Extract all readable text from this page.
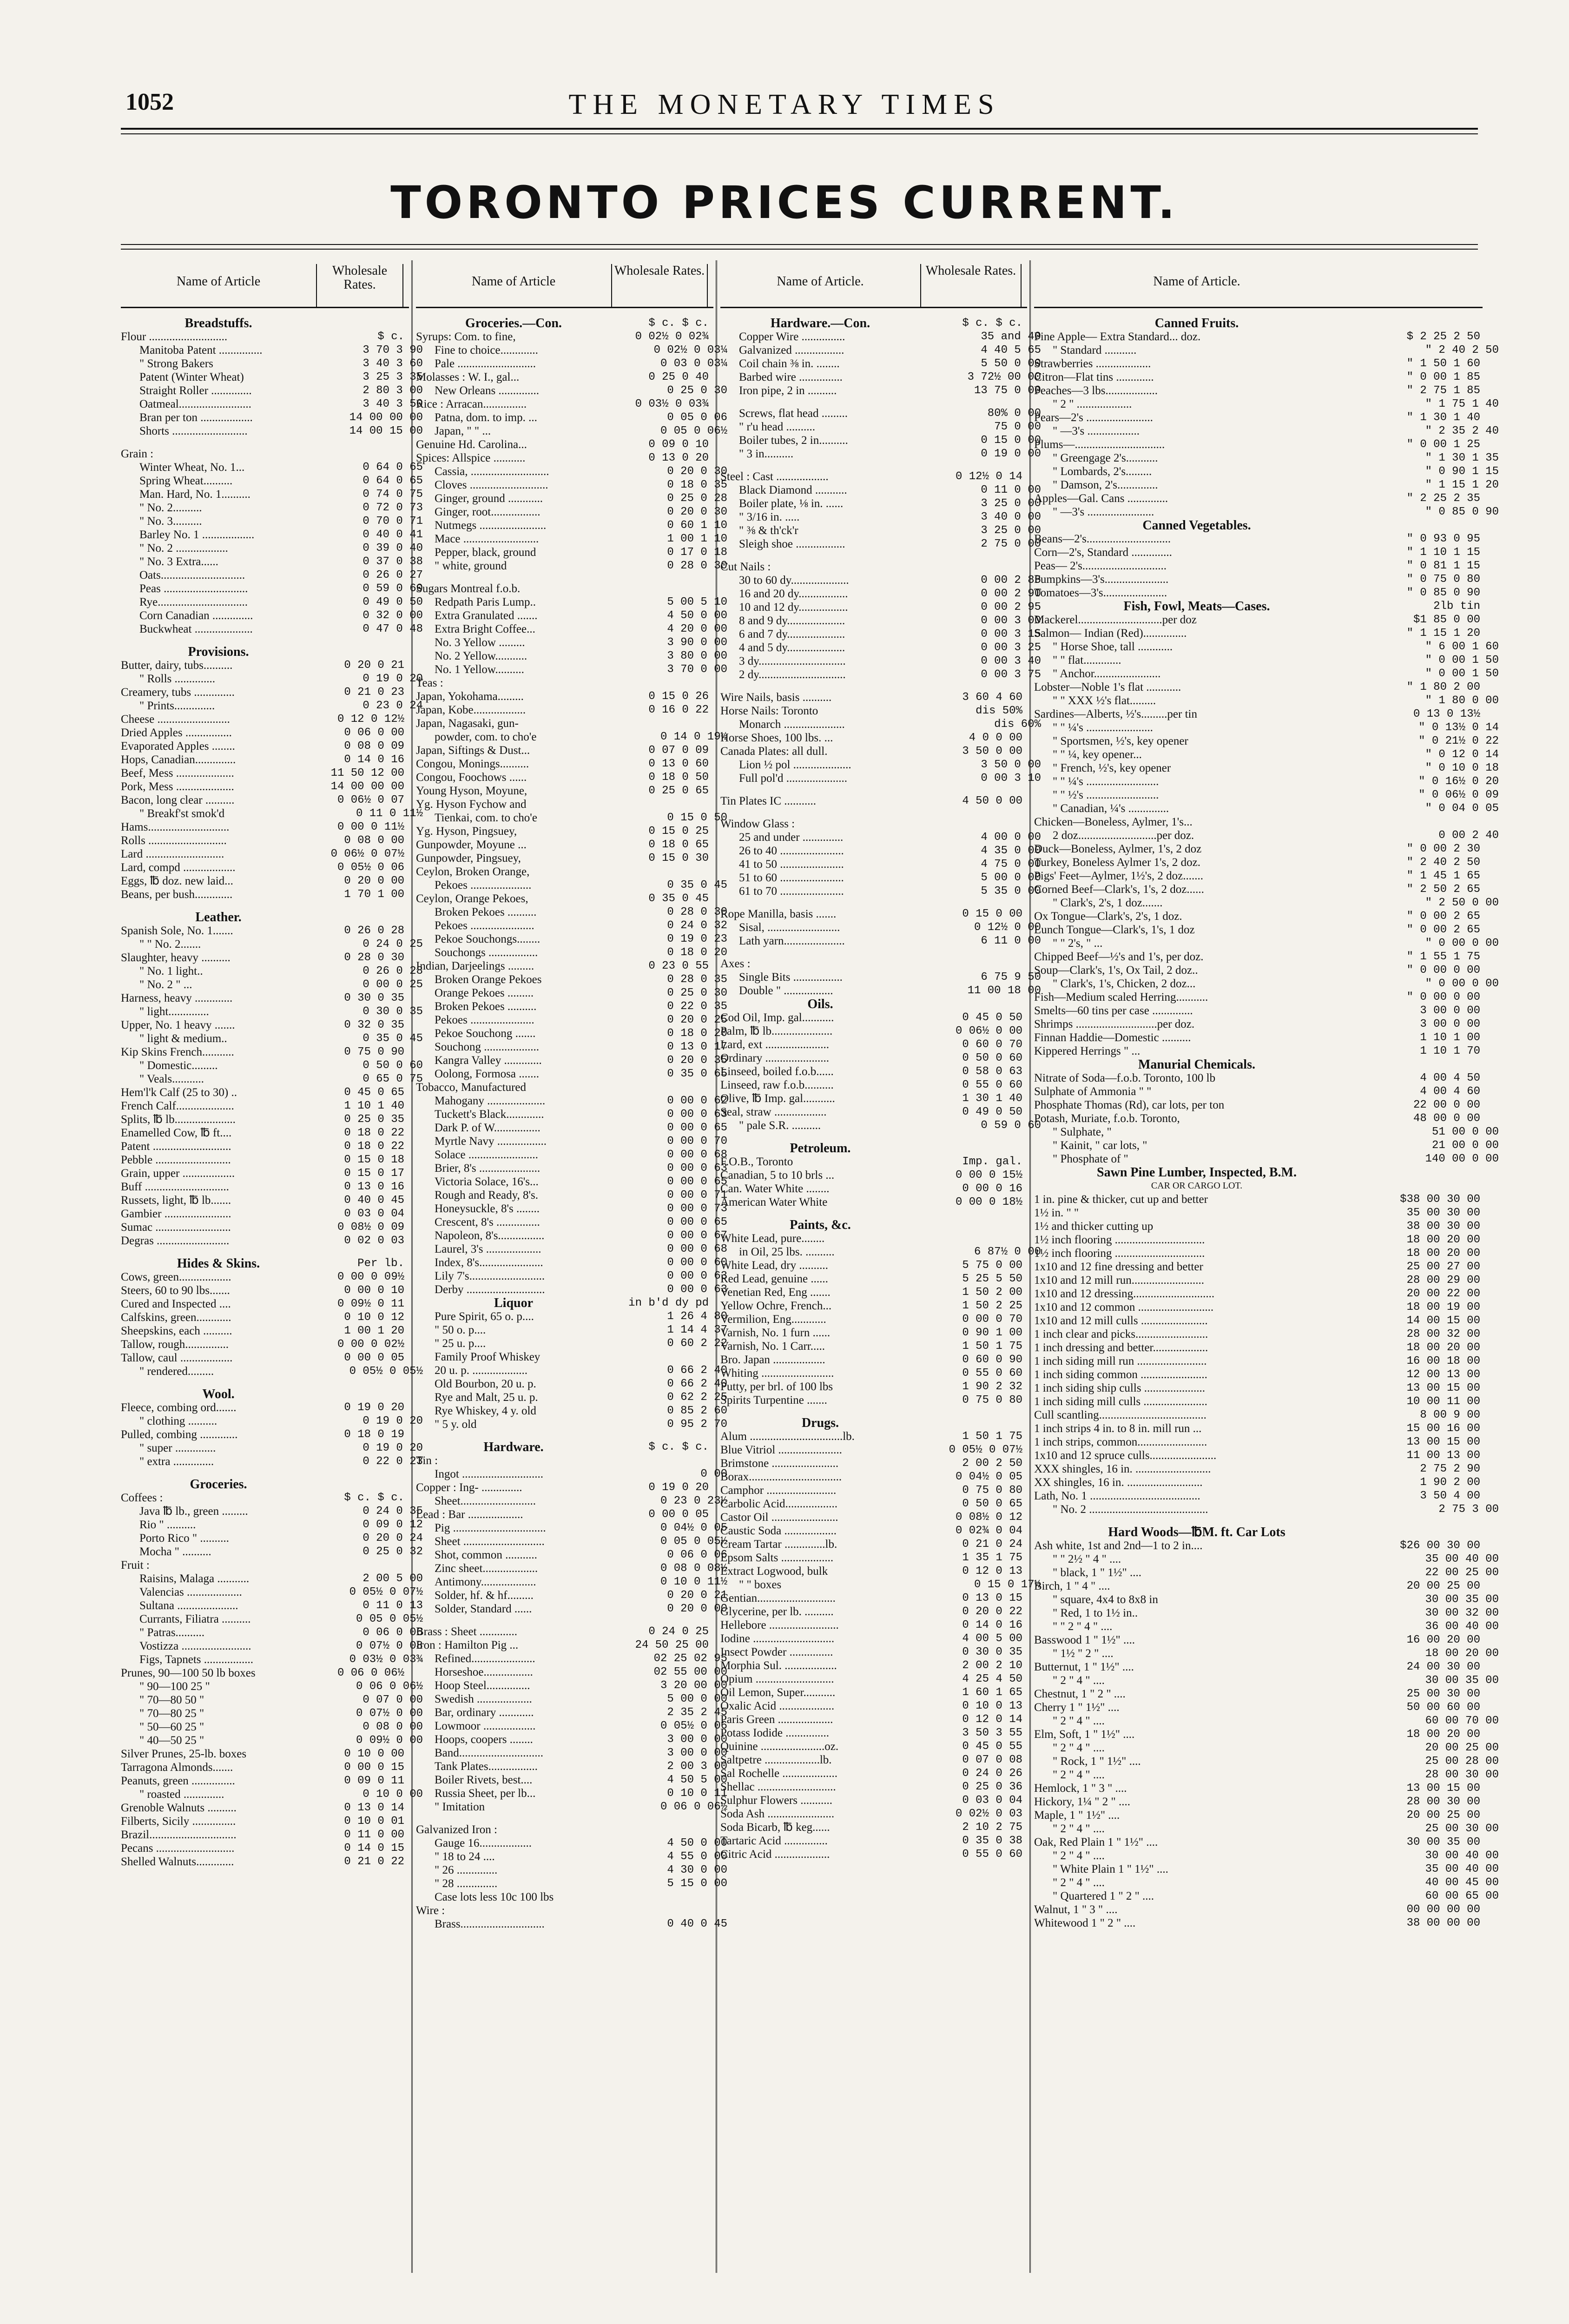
1052	THE MONETARY TIMES
TORONTO PRICES CURRENT.
Name of Article
Wholesale Rates.
Breadstuffs.
Flour ...........................	$ c.
Manitoba Patent ...............	3 70 3 90
" Strong Bakers	3 40 3 60
Patent (Winter Wheat)	3 25 3 35
Straight Roller ..............	2 80 3 00
Oatmeal.........................	3 40 3 50
Bran per ton ..................	14 00 00 00
Shorts ..........................	14 00 15 00
Grain :
Winter Wheat, No. 1...	0 64 0 65
Spring Wheat..........	0 64 0 65
Man. Hard, No. 1..........	0 74 0 75
" No. 2..........	0 72 0 73
" No. 3..........	0 70 0 71
Barley No. 1 ..................	0 40 0 41
" No. 2 ..................	0 39 0 40
" No. 3 Extra......	0 37 0 38
Oats.............................	0 26 0 27
Peas .............................	0 59 0 60
Rye...............................	0 49 0 50
Corn Canadian ..............	0 32 0 00
Buckwheat ....................	0 47 0 48
Provisions.
Butter, dairy, tubs..........	0 20 0 21
" Rolls ..............	0 19 0 20
Creamery, tubs ..............	0 21 0 23
" Prints..............	0 23 0 24
Cheese .........................	0 12 0 12½
Dried Apples ................	0 06 0 00
Evaporated Apples ........	0 08 0 09
Hops, Canadian..............	0 14 0 16
Beef, Mess ....................	11 50 12 00
Pork, Mess ....................	14 00 00 00
Bacon, long clear ..........	0 06½ 0 07
" Breakf'st smok'd	0 11 0 11½
Hams............................	0 00 0 11½
Rolls ...........................	0 08 0 00
Lard ...........................	0 06½ 0 07½
Lard, compd ..................	0 05½ 0 06
Eggs, ℔ doz. new laid...	0 20 0 00
Beans, per bush.............	1 70 1 00
Leather.
Spanish Sole, No. 1.......	0 26 0 28
" " No. 2.......	0 24 0 25
Slaughter, heavy ..........	0 28 0 30
" No. 1 light..	0 26 0 28
" No. 2 " ...	0 00 0 25
Harness, heavy .............	0 30 0 35
" light..............	0 30 0 35
Upper, No. 1 heavy .......	0 32 0 35
" light & medium..	0 35 0 45
Kip Skins French...........	0 75 0 90
" Domestic.........	0 50 0 60
" Veals...........	0 65 0 75
Hem'l'k Calf (25 to 30) ..	0 45 0 65
French Calf....................	1 10 1 40
Splits, ℔ lb.....................	0 25 0 35
Enamelled Cow, ℔ ft....	0 18 0 22
Patent ...........................	0 18 0 22
Pebble ..........................	0 15 0 18
Grain, upper ..................	0 15 0 17
Buff .............................	0 13 0 16
Russets, light, ℔ lb.......	0 40 0 45
Gambier .......................	0 03 0 04
Sumac ..........................	0 08½ 0 09
Degras .........................	0 02 0 03
Hides & Skins.	Per lb.
Cows, green..................	0 00 0 09½
Steers, 60 to 90 lbs.......	0 00 0 10
Cured and Inspected ....	0 09½ 0 11
Calfskins, green............	0 10 0 12
Sheepskins, each ..........	1 00 1 20
Tallow, rough...............	0 00 0 02½
Tallow, caul ..................	0 00 0 05
" rendered.........	0 05½ 0 05½
Wool.
Fleece, combing ord.......	0 19 0 20
" clothing ..........	0 19 0 20
Pulled, combing .............	0 18 0 19
" super ..............	0 19 0 20
" extra ..............	0 22 0 23
Groceries.
Coffees :	$ c. $ c.
Java ℔ lb., green .........	0 24 0 35
Rio " ..........	0 09 0 12
Porto Rico " ..........	0 20 0 24
Mocha " ..........	0 25 0 32
Fruit :
Raisins, Malaga ...........	2 00 5 00
Valencias ...................	0 05½ 0 07½
Sultana .....................	0 11 0 13
Currants, Filiatra ..........	0 05 0 05½
" Patras..........	0 06 0 06
Vostizza ........................	0 07½ 0 08
Figs, Tapnets .................	0 03½ 0 03¾
Prunes, 90—100 50 lb boxes	0 06 0 06½
" 90—100 25 "	0 06 0 06½
" 70—80 50 "	0 07 0 00
" 70—80 25 "	0 07½ 0 00
" 50—60 25 "	0 08 0 00
" 40—50 25 "	0 09½ 0 00
Silver Prunes, 25-lb. boxes	0 10 0 00
Tarragona Almonds.......	0 00 0 15
Peanuts, green ...............	0 09 0 11
" roasted ..............	0 10 0 00
Grenoble Walnuts ..........	0 13 0 14
Filberts, Sicily ...............	0 10 0 01
Brazil..............................	0 11 0 00
Pecans ...........................	0 14 0 15
Shelled Walnuts.............	0 21 0 22
Name of Article
Wholesale Rates.
Groceries.—Con.	$ c. $ c.
Syrups: Com. to fine,	0 02½ 0 02¾
Fine to choice.............	0 02½ 0 03¼
Pale ...........................	0 03 0 03¼
Molasses : W. I., gal...	0 25 0 40
New Orleans ..............	0 25 0 30
Rice : Arracan...............	0 03½ 0 03¾
Patna, dom. to imp. ...	0 05 0 06
Japan, " " ...	0 05 0 06½
Genuine Hd. Carolina...	0 09 0 10
Spices: Allspice ...........	0 13 0 20
Cassia, ...........................	0 20 0 30
Cloves ...........................	0 18 0 35
Ginger, ground ............	0 25 0 28
Ginger, root.................	0 20 0 30
Nutmegs .......................	0 60 1 10
Mace ..........................	1 00 1 10
Pepper, black, ground	0 17 0 18
" white, ground	0 28 0 30
Sugars Montreal f.o.b.
Redpath Paris Lump..	5 00 5 10
Extra Granulated .......	4 50 0 00
Extra Bright Coffee...	4 20 0 00
No. 3 Yellow .........	3 90 0 00
No. 2 Yellow...........	3 80 0 00
No. 1 Yellow..........	3 70 0 00
Teas :
Japan, Yokohama.........	0 15 0 26
Japan, Kobe..................	0 16 0 22
Japan, Nagasaki, gun-
powder, com. to cho'e	0 14 0 19½
Japan, Siftings & Dust...	0 07 0 09
Congou, Monings..........	0 13 0 60
Congou, Foochows ......	0 18 0 50
Young Hyson, Moyune,	0 25 0 65
Yg. Hyson Fychow and
Tienkai, com. to cho'e	0 15 0 50
Yg. Hyson, Pingsuey,	0 15 0 25
Gunpowder, Moyune ...	0 18 0 65
Gunpowder, Pingsuey,	0 15 0 30
Ceylon, Broken Orange,
Pekoes .....................	0 35 0 45
Ceylon, Orange Pekoes,	0 35 0 45
Broken Pekoes ..........	0 28 0 30
Pekoes ......................	0 24 0 32
Pekoe Souchongs........	0 19 0 23
Souchongs .................	0 18 0 20
Indian, Darjeelings .........	0 23 0 55
Broken Orange Pekoes	0 28 0 35
Orange Pekoes .........	0 25 0 30
Broken Pekoes ..........	0 22 0 35
Pekoes ......................	0 20 0 25
Pekoe Souchong .......	0 18 0 20
Souchong ...................	0 13 0 17
Kangra Valley .............	0 20 0 35
Oolong, Formosa .......	0 35 0 65
Tobacco, Manufactured
Mahogany ....................	0 00 0 62
Tuckett's Black.............	0 00 0 63
Dark P. of W................	0 00 0 65
Myrtle Navy .................	0 00 0 70
Solace ........................	0 00 0 68
Brier, 8's .....................	0 00 0 63
Victoria Solace, 16's...	0 00 0 65
Rough and Ready, 8's.	0 00 0 71
Honeysuckle, 8's ........	0 00 0 73
Crescent, 8's ...............	0 00 0 65
Napoleon, 8's................	0 00 0 67
Laurel, 3's ...................	0 00 0 68
Index, 8's......................	0 00 0 60
Lily 7's..........................	0 00 0 63
Derby ...........................	0 00 0 63
Liquor	in b'd dy pd
Pure Spirit, 65 o. p....	1 26 4 80
" 50 o. p....	1 14 4 37
" 25 u. p....	0 60 2 22
Family Proof Whiskey
20 u. p. ...................	0 66 2 40
Old Bourbon, 20 u. p.	0 66 2 40
Rye and Malt, 25 u. p.	0 62 2 25
Rye Whiskey, 4 y. old	0 85 2 60
" 5 y. old	0 95 2 70
Hardware.	$ c. $ c.
Tin :
Ingot ............................	0 00
Copper : Ing- ..............	0 19 0 20
Sheet..........................	0 23 0 23½
Lead : Bar ...................	0 00 0 05
Pig ................................	0 04½ 0 05
Sheet ............................	0 05 0 05½
Shot, common ...........	0 06 0 06
Zinc sheet...................	0 08 0 08½
Antimony...................	0 10 0 11½
Solder, hf. & hf.........	0 20 0 21
Solder, Standard ......	0 20 0 00
Brass : Sheet .............	0 24 0 25
Iron : Hamilton Pig ...	24 50 25 00
Refined......................	02 25 02 95
Horseshoe.................	02 55 00 00
Hoop Steel...............	3 20 00 00
Swedish ...................	5 00 0 00
Bar, ordinary ............	2 35 2 45
Lowmoor ..................	0 05½ 0 06
Hoops, coopers ........	3 00 0 00
Band.............................	3 00 0 00
Tank Plates.................	2 00 3 00
Boiler Rivets, best....	4 50 5 00
Russia Sheet, per lb...	0 10 0 11
" Imitation	0 06 0 06½
Galvanized Iron :
Gauge 16..................	4 50 0 00
" 18 to 24 ....	4 55 0 00
" 26 ..............	4 30 0 00
" 28 ..............	5 15 0 00
Case lots less 10c 100 lbs
Wire :
Brass.............................	0 40 0 45
Name of Article.
Wholesale Rates.
Hardware.—Con.	$ c. $ c.
Copper Wire ...............	35 and 40
Galvanized .................	4 40 5 65
Coil chain ⅜ in. ........	5 50 0 00
Barbed wire ...............	3 72½ 00 00
Iron pipe, 2 in ..........	13 75 0 00
Screws, flat head .........	80% 0 00
" r'u head ..........	75 0 00
Boiler tubes, 2 in..........	0 15 0 00
" 3 in..........	0 19 0 00
Steel : Cast ..................	0 12½ 0 14
Black Diamond ...........	0 11 0 00
Boiler plate, ⅛ in. ......	3 25 0 00
" 3/16 in. .....	3 40 0 00
" ⅜ & th'ck'r	3 25 0 00
Sleigh shoe .................	2 75 0 00
Cut Nails :
30 to 60 dy....................	0 00 2 85
16 and 20 dy.................	0 00 2 90
10 and 12 dy.................	0 00 2 95
8 and 9 dy....................	0 00 3 00
6 and 7 dy....................	0 00 3 15
4 and 5 dy....................	0 00 3 25
3 dy..............................	0 00 3 40
2 dy..............................	0 00 3 75
Wire Nails, basis ..........	3 60 4 60
Horse Nails: Toronto	dis 50%
Monarch .....................	dis 60%
Horse Shoes, 100 lbs. ...	4 0 0 00
Canada Plates: all dull.	3 50 0 00
Lion ½ pol ....................	3 50 0 00
Full pol'd .....................	0 00 3 10
Tin Plates IC ...........	4 50 0 00
Window Glass :
25 and under ..............	4 00 0 00
26 to 40 ......................	4 35 0 00
41 to 50 ......................	4 75 0 00
51 to 60 ......................	5 00 0 00
61 to 70 ......................	5 35 0 00
Rope Manilla, basis .......	0 15 0 00
Sisal, .........................	0 12½ 0 00
Lath yarn.....................	6 11 0 00
Axes :
Single Bits .................	6 75 9 50
Double " .................	11 00 18 00
Oils.
Cod Oil, Imp. gal...........	0 45 0 50
Palm, ℔ lb.....................	0 06½ 0 00
Lard, ext ......................	0 60 0 70
Ordinary ......................	0 50 0 60
Linseed, boiled f.o.b......	0 58 0 63
Linseed, raw f.o.b..........	0 55 0 60
Olive, ℔ Imp. gal...........	1 30 1 40
Seal, straw ..................	0 49 0 50
" pale S.R. ..........	0 59 0 60
Petroleum.
F.O.B., Toronto	Imp. gal.
Canadian, 5 to 10 brls ...	0 00 0 15½
Can. Water White ........	0 00 0 16
American Water White	0 00 0 18½
Paints, &c.
White Lead, pure........
in Oil, 25 lbs. ..........	6 87½ 0 00
White Lead, dry ..........	5 75 0 00
Red Lead, genuine ......	5 25 5 50
Venetian Red, Eng .......	1 50 2 00
Yellow Ochre, French...	1 50 2 25
Vermilion, Eng............	0 00 0 70
Varnish, No. 1 furn ......	0 90 1 00
Varnish, No. 1 Carr.....	1 50 1 75
Bro. Japan ..................	0 60 0 90
Whiting .........................	0 55 0 60
Putty, per brl. of 100 lbs	1 90 2 32
Spirits Turpentine .......	0 75 0 80
Drugs.
Alum ................................lb.	1 50 1 75
Blue Vitriol ......................	0 05½ 0 07½
Brimstone .......................	2 00 2 50
Borax................................	0 04½ 0 05
Camphor ........................	0 75 0 80
Carbolic Acid..................	0 50 0 65
Castor Oil .......................	0 08½ 0 12
Caustic Soda ..................	0 02¾ 0 04
Cream Tartar ..............lb.	0 21 0 24
Epsom Salts ..................	1 35 1 75
Extract Logwood, bulk	0 12 0 13
" " boxes	0 15 0 17½
Gentian...........................	0 13 0 15
Glycerine, per lb. ..........	0 20 0 22
Hellebore ........................	0 14 0 16
Iodine ............................	4 00 5 00
Insect Powder ...............	0 30 0 35
Morphia Sul. ..................	2 00 2 10
Opium ...........................	4 25 4 50
Oil Lemon, Super...........	1 60 1 65
Oxalic Acid ...................	0 10 0 13
Paris Green ...................	0 12 0 14
Potass Iodide ...............	3 50 3 55
Quinine ......................oz.	0 45 0 55
Saltpetre ...................lb.	0 07 0 08
Sal Rochelle ...................	0 24 0 26
Shellac ...........................	0 25 0 36
Sulphur Flowers ...........	0 03 0 04
Soda Ash .......................	0 02½ 0 03
Soda Bicarb, ℔ keg......	2 10 2 75
Tartaric Acid ...............	0 35 0 38
Citric Acid ...................	0 55 0 60
Name of Article.
Canned Fruits.
Pine Apple— Extra Standard... doz.	$ 2 25 2 50
" Standard ...........	" 2 40 2 50
Strawberries ...................	" 1 50 1 60
Citron—Flat tins .............	" 0 00 1 85
Peaches—3 lbs..................	" 2 75 1 85
" 2 " ...................	" 1 75 1 40
Pears—2's .......................	" 1 30 1 40
" —3's ..................	" 2 35 2 40
Plums—...............................	" 0 00 1 25
" Greengage 2's...........	" 1 30 1 35
" Lombards, 2's.........	" 0 90 1 15
" Damson, 2's..............	" 1 15 1 20
Apples—Gal. Cans ..............	" 2 25 2 35
" —3's .......................	" 0 85 0 90
Canned Vegetables.
Beans—2's.............................	" 0 93 0 95
Corn—2's, Standard ..............	" 1 10 1 15
Peas— 2's.............................	" 0 81 1 15
Pumpkins—3's......................	" 0 75 0 80
Tomatoes—3's......................	" 0 85 0 90
Fish, Fowl, Meats—Cases.	2lb tin
Mackerel.............................per doz	$1 85 0 00
Salmon— Indian (Red)...............	" 1 15 1 20
" Horse Shoe, tall ............	" 6 00 1 60
" " flat.............	" 0 00 1 50
" Anchor.......................	" 0 00 1 50
Lobster—Noble 1's flat ............	" 1 80 2 00
" " XXX ½'s flat.........	" 1 80 0 00
Sardines—Alberts, ½'s.........per tin	0 13 0 13½
" " ¼'s .......................	" 0 13½ 0 14
" Sportsmen, ½'s, key opener	" 0 21½ 0 22
" " ¼, key opener...	" 0 12 0 14
" French, ½'s, key opener	" 0 10 0 18
" " ¼'s .........................	" 0 16½ 0 20
" " ½'s .........................	" 0 06½ 0 09
" Canadian, ¼'s ..............	" 0 04 0 05
Chicken—Boneless, Aylmer, 1's...
2 doz...........................per doz.	0 00 2 40
Duck—Boneless, Aylmer, 1's, 2 doz	" 0 00 2 30
Turkey, Boneless Aylmer 1's, 2 doz.	" 2 40 2 50
Pigs' Feet—Aylmer, 1½'s, 2 doz.......	" 1 45 1 65
Corned Beef—Clark's, 1's, 2 doz......	" 2 50 2 65
" Clark's, 2's, 1 doz.......	" 2 50 0 00
Ox Tongue—Clark's, 2's, 1 doz.	" 0 00 2 65
Lunch Tongue—Clark's, 1's, 1 doz	" 0 00 2 65
" " 2's, " ...	" 0 00 0 00
Chipped Beef—½'s and 1's, per doz.	" 1 55 1 75
Soup—Clark's, 1's, Ox Tail, 2 doz..	" 0 00 0 00
" Clark's, 1's, Chicken, 2 doz...	" 0 00 0 00
Fish—Medium scaled Herring...........	" 0 00 0 00
Smelts—60 tins per case ..............	3 00 0 00
Shrimps ............................per doz.	3 00 0 00
Finnan Haddie—Domestic ..........	1 10 1 00
Kippered Herrings " ...	1 10 1 70
Manurial Chemicals.
Nitrate of Soda—f.o.b. Toronto, 100 lb	4 00 4 50
Sulphate of Ammonia " "	4 00 4 60
Phosphate Thomas (Rd), car lots, per ton	22 00 0 00
Potash, Muriate, f.o.b. Toronto,	48 00 0 00
" Sulphate, "	51 00 0 00
" Kainit, " car lots, "	21 00 0 00
" Phosphate of "	140 00 0 00
Sawn Pine Lumber, Inspected, B.M.
CAR OR CARGO LOT.
1 in. pine & thicker, cut up and better	$38 00 30 00
1½ in. " "	35 00 30 00
1½ and thicker cutting up	38 00 30 00
1½ inch flooring ...............................	18 00 20 00
1½ inch flooring ...............................	18 00 20 00
1x10 and 12 fine dressing and better	25 00 27 00
1x10 and 12 mill run.........................	28 00 29 00
1x10 and 12 dressing............................	20 00 22 00
1x10 and 12 common ..........................	18 00 19 00
1x10 and 12 mill culls .......................	14 00 15 00
1 inch clear and picks.........................	28 00 32 00
1 inch dressing and better...................	18 00 20 00
1 inch siding mill run ........................	16 00 18 00
1 inch siding common .......................	12 00 13 00
1 inch siding ship culls .....................	13 00 15 00
1 inch siding mill culls ......................	10 00 11 00
Cull scantling.....................................	8 00 9 00
1 inch strips 4 in. to 8 in. mill run ...	15 00 16 00
1 inch strips, common........................	13 00 15 00
1x10 and 12 spruce culls.......................	11 00 13 00
XXX shingles, 16 in. ..........................	2 75 2 90
XX shingles, 16 in. ..........................	1 90 2 00
Lath, No. 1 ......................................	3 50 4 00
" No. 2 .........................................	2 75 3 00
Hard Woods—℔M. ft. Car Lots
Ash white, 1st and 2nd—1 to 2 in....	$26 00 30 00
" " 2½ " 4 " ....	35 00 40 00
" black, 1 " 1½" ....	22 00 25 00
Birch, 1 " 4 " ....	20 00 25 00
" square, 4x4 to 8x8 in	30 00 35 00
" Red, 1 to 1½ in..	30 00 32 00
" " 2 " 4 " ....	36 00 40 00
Basswood 1 " 1½" ....	16 00 20 00
" 1½ " 2 " ....	18 00 20 00
Butternut, 1 " 1½" ....	24 00 30 00
" 2 " 4 " ....	30 00 35 00
Chestnut, 1 " 2 " ....	25 00 30 00
Cherry 1 " 1½" ....	50 00 60 00
" 2 " 4 " ....	60 00 70 00
Elm, Soft, 1 " 1½" ....	18 00 20 00
" 2 " 4 " ....	20 00 25 00
" Rock, 1 " 1½" ....	25 00 28 00
" 2 " 4 " ....	28 00 30 00
Hemlock, 1 " 3 " ....	13 00 15 00
Hickory, 1¼ " 2 " ....	28 00 30 00
Maple, 1 " 1½" ....	20 00 25 00
" 2 " 4 " ....	25 00 30 00
Oak, Red Plain 1 " 1½" ....	30 00 35 00
" 2 " 4 " ....	30 00 40 00
" White Plain 1 " 1½" ....	35 00 40 00
" 2 " 4 " ....	40 00 45 00
" Quartered 1 " 2 " ....	60 00 65 00
Walnut, 1 " 3 " ....	00 00 00 00
Whitewood 1 " 2 " ....	38 00 00 00
